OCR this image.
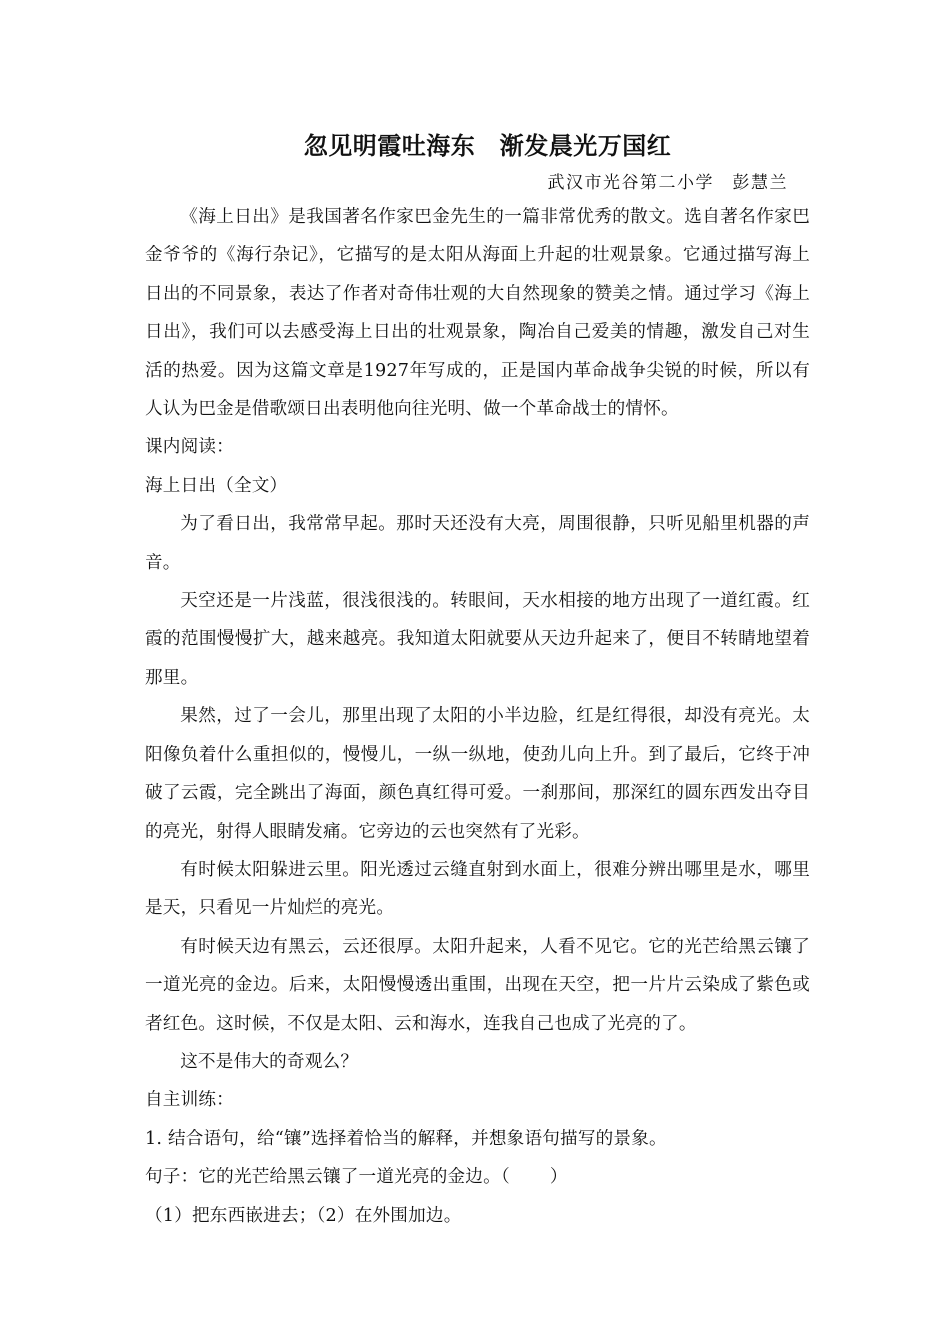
忽见明霞吐海东　渐发晨光万国红
武汉市光谷第二小学　彭慧兰

《海上日出》是我国著名作家巴金先生的一篇非常优秀的散文。选自著名作家巴金爷爷的《海行杂记》，它描写的是太阳从海面上升起的壮观景象。它通过描写海上日出的不同景象，表达了作者对奇伟壮观的大自然现象的赞美之情。通过学习《海上日出》，我们可以去感受海上日出的壮观景象，陶冶自己爱美的情趣，激发自己对生活的热爱。因为这篇文章是1927年写成的，正是国内革命战争尖锐的时候，所以有人认为巴金是借歌颂日出表明他向往光明、做一个革命战士的情怀。

课内阅读：

海上日出（全文）

为了看日出，我常常早起。那时天还没有大亮，周围很静，只听见船里机器的声音。

天空还是一片浅蓝，很浅很浅的。转眼间，天水相接的地方出现了一道红霞。红霞的范围慢慢扩大，越来越亮。我知道太阳就要从天边升起来了，便目不转睛地望着那里。

果然，过了一会儿，那里出现了太阳的小半边脸，红是红得很，却没有亮光。太阳像负着什么重担似的，慢慢儿，一纵一纵地，使劲儿向上升。到了最后，它终于冲破了云霞，完全跳出了海面，颜色真红得可爱。一刹那间，那深红的圆东西发出夺目的亮光，射得人眼睛发痛。它旁边的云也突然有了光彩。

有时候太阳躲进云里。阳光透过云缝直射到水面上，很难分辨出哪里是水，哪里是天，只看见一片灿烂的亮光。

有时候天边有黑云，云还很厚。太阳升起来，人看不见它。它的光芒给黑云镶了一道光亮的金边。后来，太阳慢慢透出重围，出现在天空，把一片片云染成了紫色或者红色。这时候，不仅是太阳、云和海水，连我自己也成了光亮的了。

这不是伟大的奇观么？

自主训练：

1. 结合语句，给“镶”选择着恰当的解释，并想象语句描写的景象。

句子：它的光芒给黑云镶了一道光亮的金边。（ ）

（1）把东西嵌进去；（2）在外围加边。
